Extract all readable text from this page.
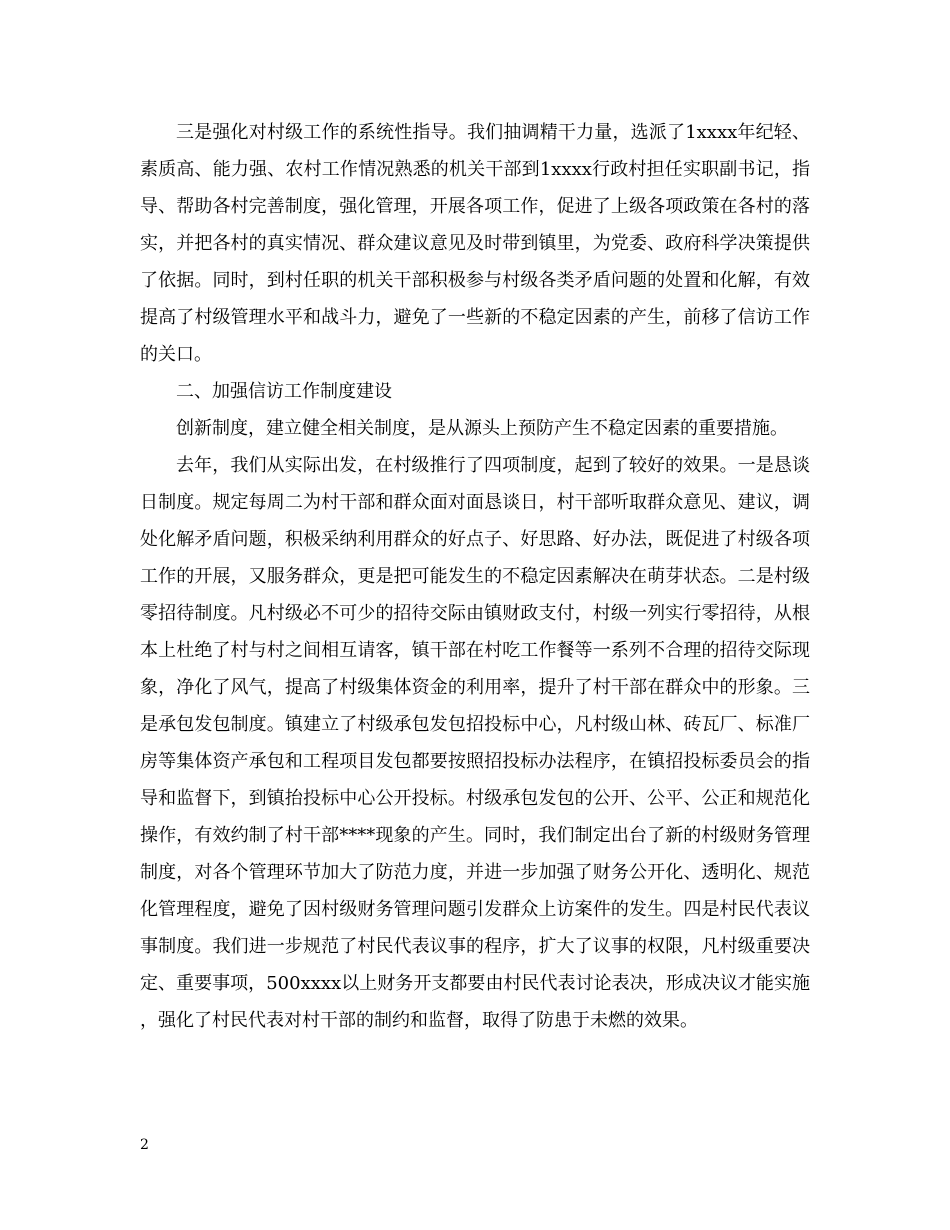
三是强化对村级工作的系统性指导。我们抽调精干力量，选派了1xxxx年纪轻、素质高、能力强、农村工作情况熟悉的机关干部到1xxxx行政村担任实职副书记，指导、帮助各村完善制度，强化管理，开展各项工作，促进了上级各项政策在各村的落实，并把各村的真实情况、群众建议意见及时带到镇里，为党委、政府科学决策提供了依据。同时，到村任职的机关干部积极参与村级各类矛盾问题的处置和化解，有效提高了村级管理水平和战斗力，避免了一些新的不稳定因素的产生，前移了信访工作的关口。

二、加强信访工作制度建设

创新制度，建立健全相关制度，是从源头上预防产生不稳定因素的重要措施。

去年，我们从实际出发，在村级推行了四项制度，起到了较好的效果。一是恳谈日制度。规定每周二为村干部和群众面对面恳谈日，村干部听取群众意见、建议，调处化解矛盾问题，积极采纳利用群众的好点子、好思路、好办法，既促进了村级各项工作的开展，又服务群众，更是把可能发生的不稳定因素解决在萌芽状态。二是村级零招待制度。凡村级必不可少的招待交际由镇财政支付，村级一列实行零招待，从根本上杜绝了村与村之间相互请客，镇干部在村吃工作餐等一系列不合理的招待交际现象，净化了风气，提高了村级集体资金的利用率，提升了村干部在群众中的形象。三是承包发包制度。镇建立了村级承包发包招投标中心，凡村级山林、砖瓦厂、标准厂房等集体资产承包和工程项目发包都要按照招投标办法程序，在镇招投标委员会的指导和监督下，到镇抬投标中心公开投标。村级承包发包的公开、公平、公正和规范化操作，有效约制了村干部****现象的产生。同时，我们制定出台了新的村级财务管理制度，对各个管理环节加大了防范力度，并进一步加强了财务公开化、透明化、规范化管理程度，避免了因村级财务管理问题引发群众上访案件的发生。四是村民代表议事制度。我们进一步规范了村民代表议事的程序，扩大了议事的权限，凡村级重要决定、重要事项，500xxxx以上财务开支都要由村民代表讨论表决，形成决议才能实施，强化了村民代表对村干部的制约和监督，取得了防患于未燃的效果。

2
